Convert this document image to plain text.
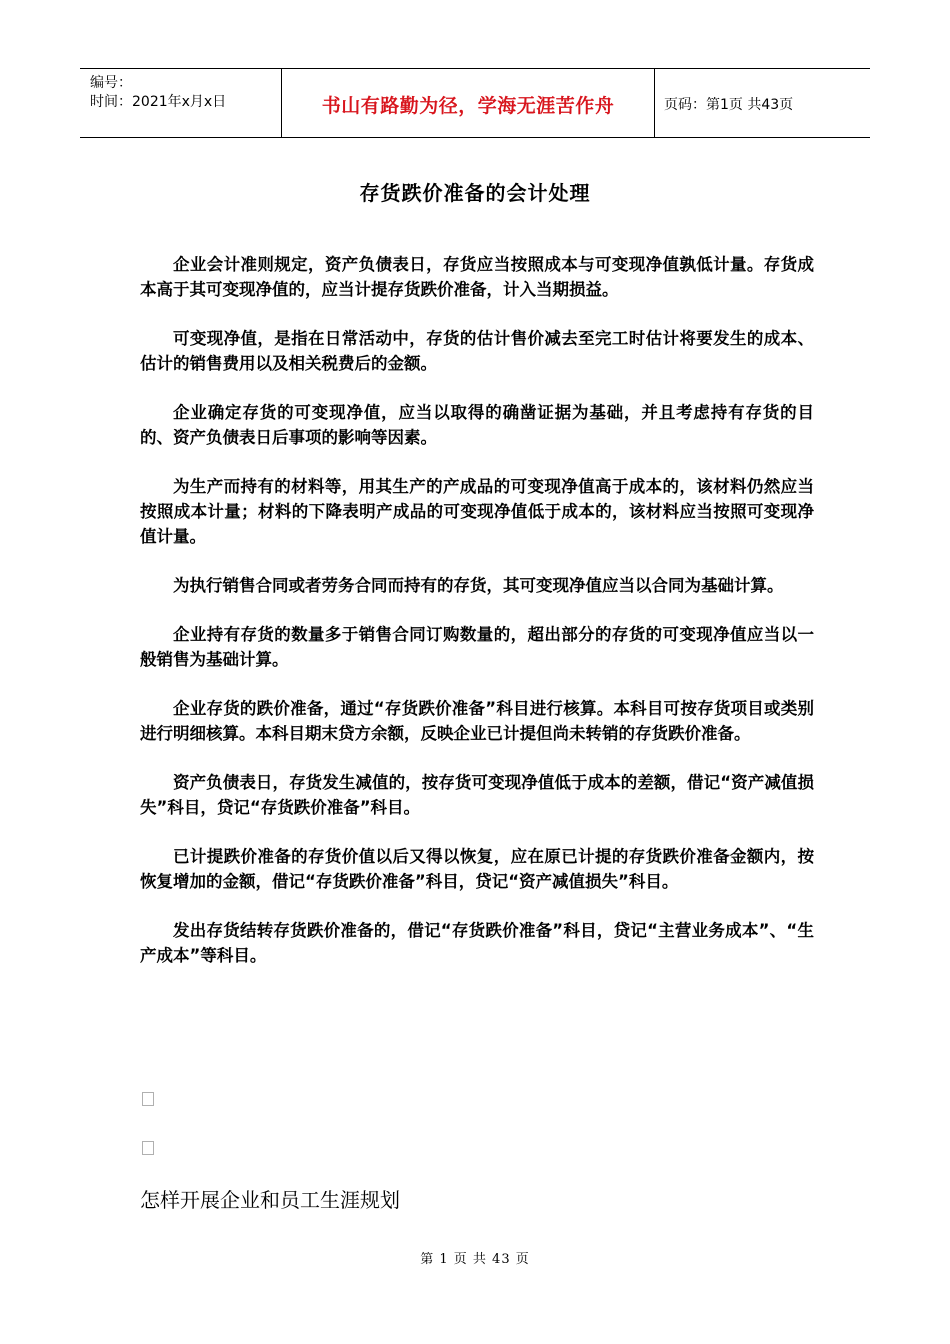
编号：
时间：2021年x月x日	书山有路勤为径，学海无涯苦作舟	页码：第1页 共43页
存货跌价准备的会计处理

企业会计准则规定，资产负债表日，存货应当按照成本与可变现净值孰低计量。存货成本高于其可变现净值的，应当计提存货跌价准备，计入当期损益。

可变现净值，是指在日常活动中，存货的估计售价减去至完工时估计将要发生的成本、估计的销售费用以及相关税费后的金额。

企业确定存货的可变现净值，应当以取得的确凿证据为基础，并且考虑持有存货的目的、资产负债表日后事项的影响等因素。

为生产而持有的材料等，用其生产的产成品的可变现净值高于成本的，该材料仍然应当按照成本计量；材料的下降表明产成品的可变现净值低于成本的，该材料应当按照可变现净值计量。

为执行销售合同或者劳务合同而持有的存货，其可变现净值应当以合同为基础计算。

企业持有存货的数量多于销售合同订购数量的，超出部分的存货的可变现净值应当以一般销售为基础计算。

企业存货的跌价准备，通过“存货跌价准备”科目进行核算。本科目可按存货项目或类别进行明细核算。本科目期末贷方余额，反映企业已计提但尚未转销的存货跌价准备。

资产负债表日，存货发生减值的，按存货可变现净值低于成本的差额，借记“资产减值损失”科目，贷记“存货跌价准备”科目。

已计提跌价准备的存货价值以后又得以恢复，应在原已计提的存货跌价准备金额内，按恢复增加的金额，借记“存货跌价准备”科目，贷记“资产减值损失”科目。

发出存货结转存货跌价准备的，借记“存货跌价准备”科目，贷记“主营业务成本”、“生产成本”等科目。

怎样开展企业和员工生涯规划
第 1 页 共 43 页
